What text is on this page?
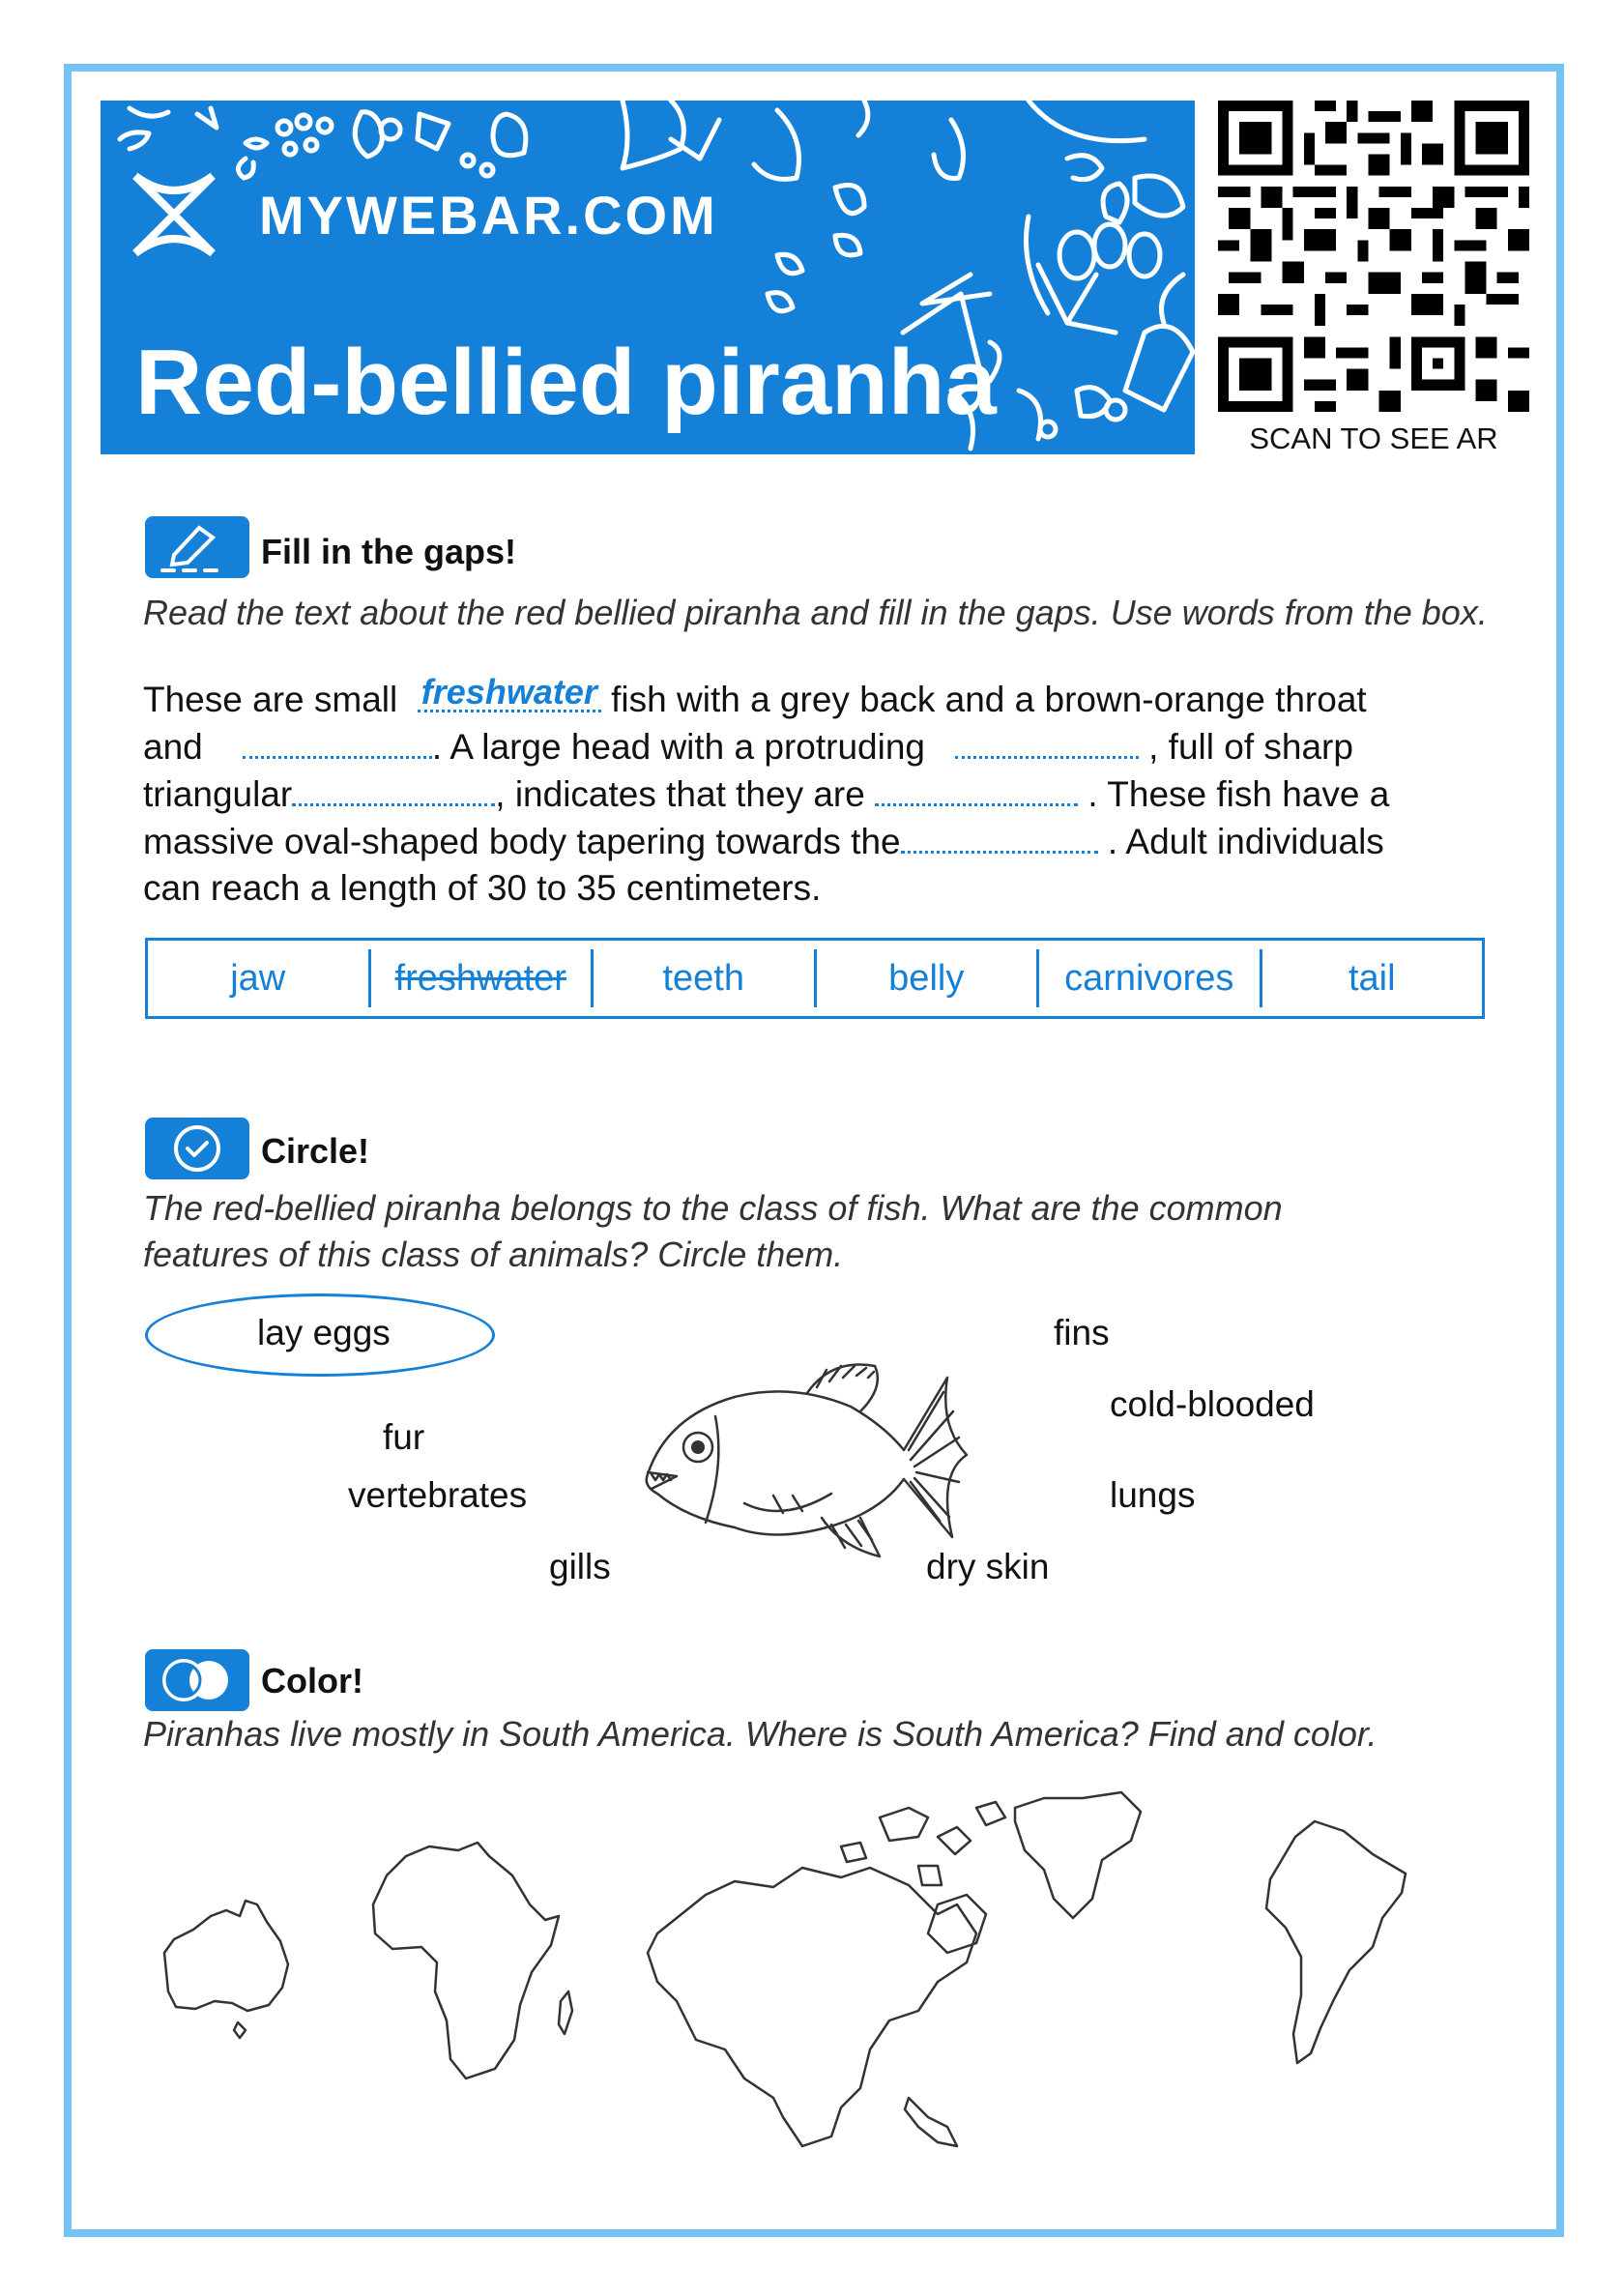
MYWEBAR.COM
Red-bellied piranha
SCAN TO SEE AR
Fill in the gaps!
Read the text about the red bellied piranha and fill in the gaps. Use words from the box.
These are small freshwater fish with a grey back and a brown-orange throat
and	. A large head with a protruding	, full of sharp
triangular	, indicates that they are	. These fish have a
massive oval-shaped body tapering towards the	. Adult individuals
can reach a length of 30 to 35 centimeters.
jaw	freshwater	teeth	belly	carnivores	tail
Circle!
The red-bellied piranha belongs to the class of fish. What are the common features of this class of animals? Circle them.
lay eggs	fins
cold-blooded
fur
vertebrates	lungs
gills	dry skin
Color!
Piranhas live mostly in South America. Where is South America? Find and color.
